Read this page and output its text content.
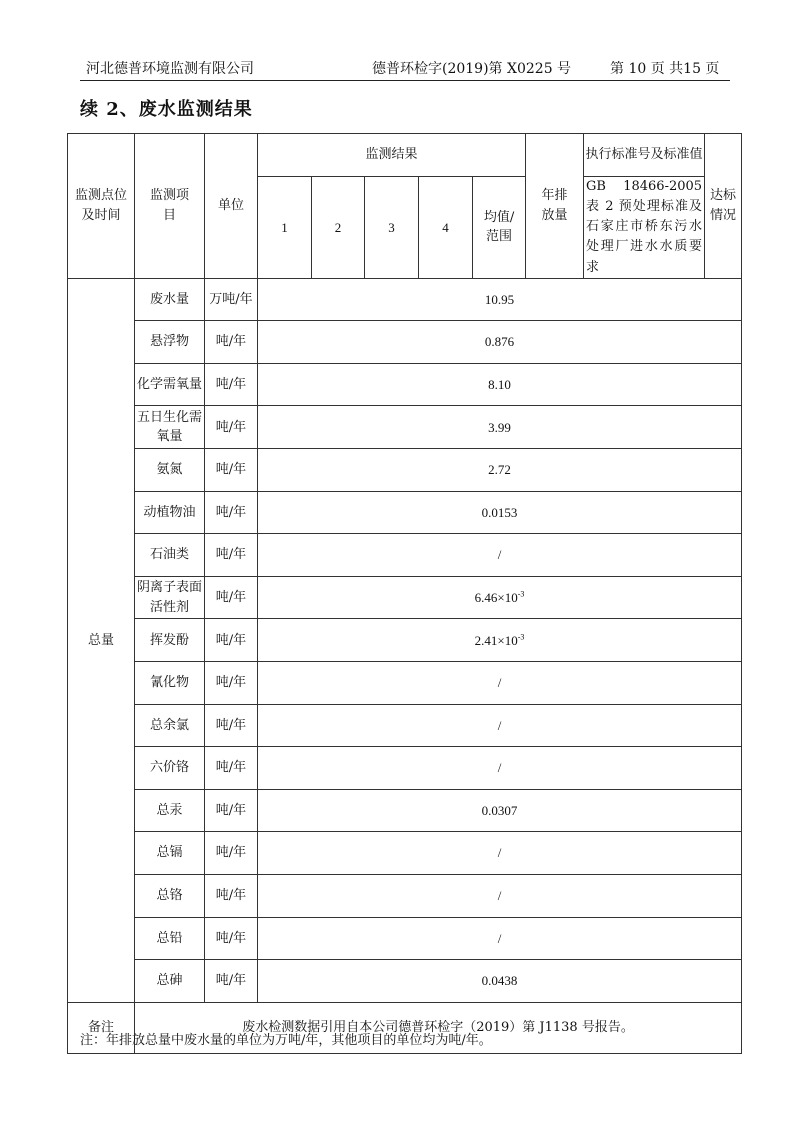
河北德普环境监测有限公司	德普环检字(2019)第 X0225 号	第 10 页 共15 页
续 2、废水监测结果
监测点位及时间	监测项目	单位	监测结果					年排放量	执行标准号及标准值	达标情况
			1	2	3	4	均值/范围		GB 18466-2005 表 2 预处理标准及石家庄市桥东污水处理厂进水水质要求	
总量	废水量	万吨/年	10.95							
	悬浮物	吨/年	0.876							
	化学需氧量	吨/年	8.10							
	五日生化需氧量	吨/年	3.99							
	氨氮	吨/年	2.72							
	动植物油	吨/年	0.0153							
	石油类	吨/年	/							
	阴离子表面活性剂	吨/年	$6.46\times 10^{-3}$
	挥发酚	吨/年	$2.41\times 10^{-3}$
	氰化物	吨/年	/							
	总余氯	吨/年	/							
	六价铬	吨/年	/							
	总汞	吨/年	0.0307							
	总镉	吨/年	/							
	总铬	吨/年	/							
	总铅	吨/年	/							
	总砷	吨/年	0.0438							
备注	废水检测数据引用自本公司德普环检字（2019）第 J1138 号报告。									
注：年排放总量中废水量的单位为万吨/年，其他项目的单位均为吨/年。
